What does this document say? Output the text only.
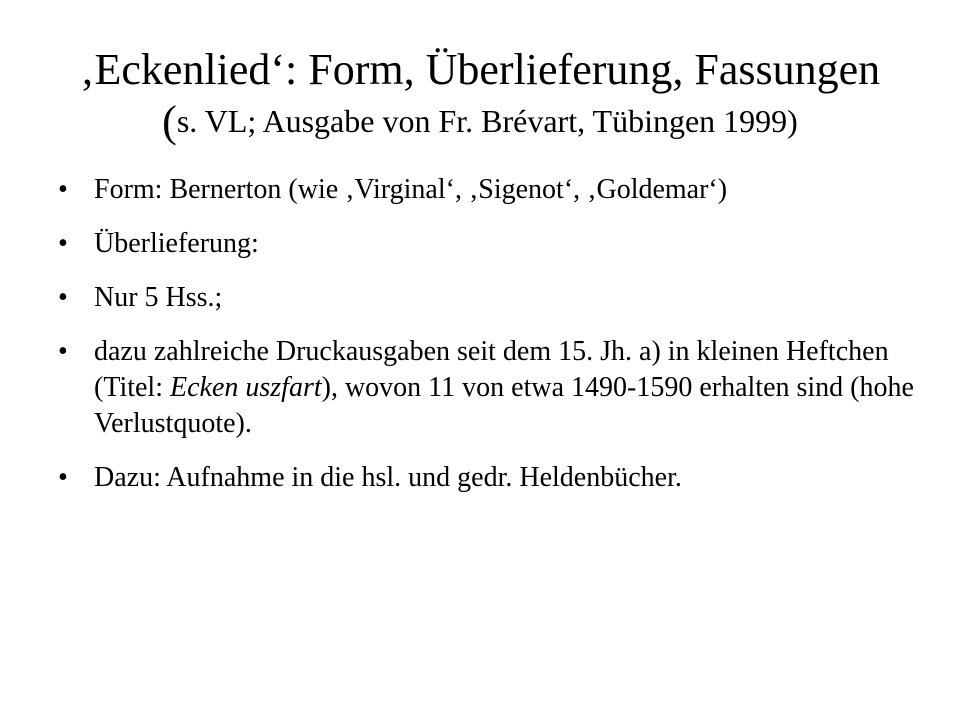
‚Eckenlied‘: Form, Überlieferung, Fassungen
(s. VL; Ausgabe von Fr. Brévart, Tübingen 1999)
• Form: Bernerton (wie ‚Virginal‘, ‚Sigenot‘, ‚Goldemar‘)
• Überlieferung:
• Nur 5 Hss.;
• dazu zahlreiche Druckausgaben seit dem 15. Jh. a) in kleinen Heftchen (Titel: Ecken uszfart), wovon 11 von etwa 1490-1590 erhalten sind (hohe Verlustquote).
• Dazu: Aufnahme in die hsl. und gedr. Heldenbücher.
